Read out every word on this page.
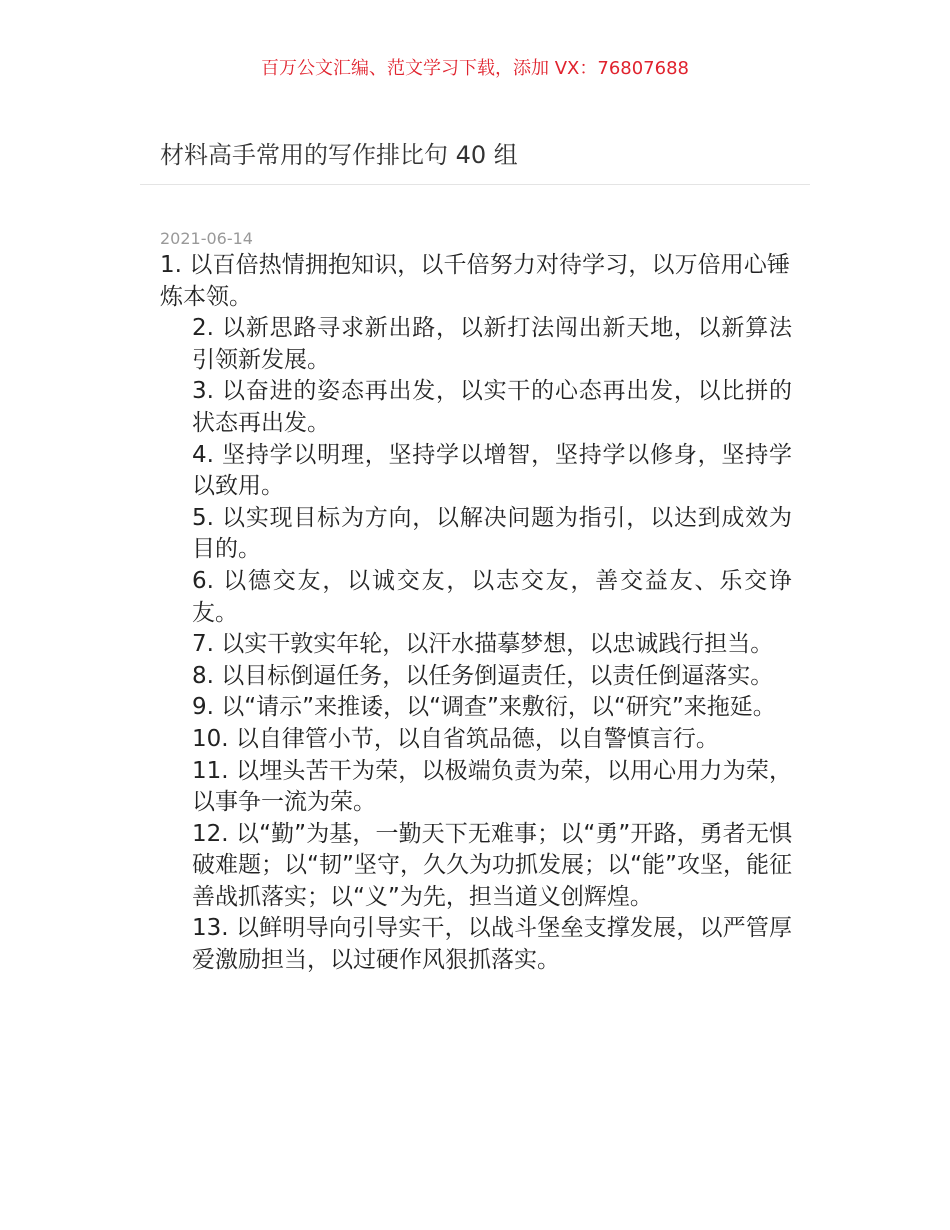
百万公文汇编、范文学习下载，添加 VX：76807688
材料高手常用的写作排比句 40 组
2021-06-14

1. 以百倍热情拥抱知识，以千倍努力对待学习，以万倍用心锤炼本领。

2. 以新思路寻求新出路，以新打法闯出新天地，以新算法引领新发展。

3. 以奋进的姿态再出发，以实干的心态再出发，以比拼的状态再出发。

4. 坚持学以明理，坚持学以增智，坚持学以修身，坚持学以致用。

5. 以实现目标为方向，以解决问题为指引，以达到成效为目的。

6. 以德交友，以诚交友，以志交友，善交益友、乐交诤友。

7. 以实干敦实年轮，以汗水描摹梦想，以忠诚践行担当。

8. 以目标倒逼任务，以任务倒逼责任，以责任倒逼落实。

9. 以“请示”来推诿，以“调查”来敷衍，以“研究”来拖延。

10. 以自律管小节，以自省筑品德，以自警慎言行。

11. 以埋头苦干为荣，以极端负责为荣，以用心用力为荣，以事争一流为荣。

12. 以“勤”为基，一勤天下无难事；以“勇”开路，勇者无惧破难题；以“韧”坚守，久久为功抓发展；以“能”攻坚，能征善战抓落实；以“义”为先，担当道义创辉煌。

13. 以鲜明导向引导实干，以战斗堡垒支撑发展，以严管厚爱激励担当，以过硬作风狠抓落实。
